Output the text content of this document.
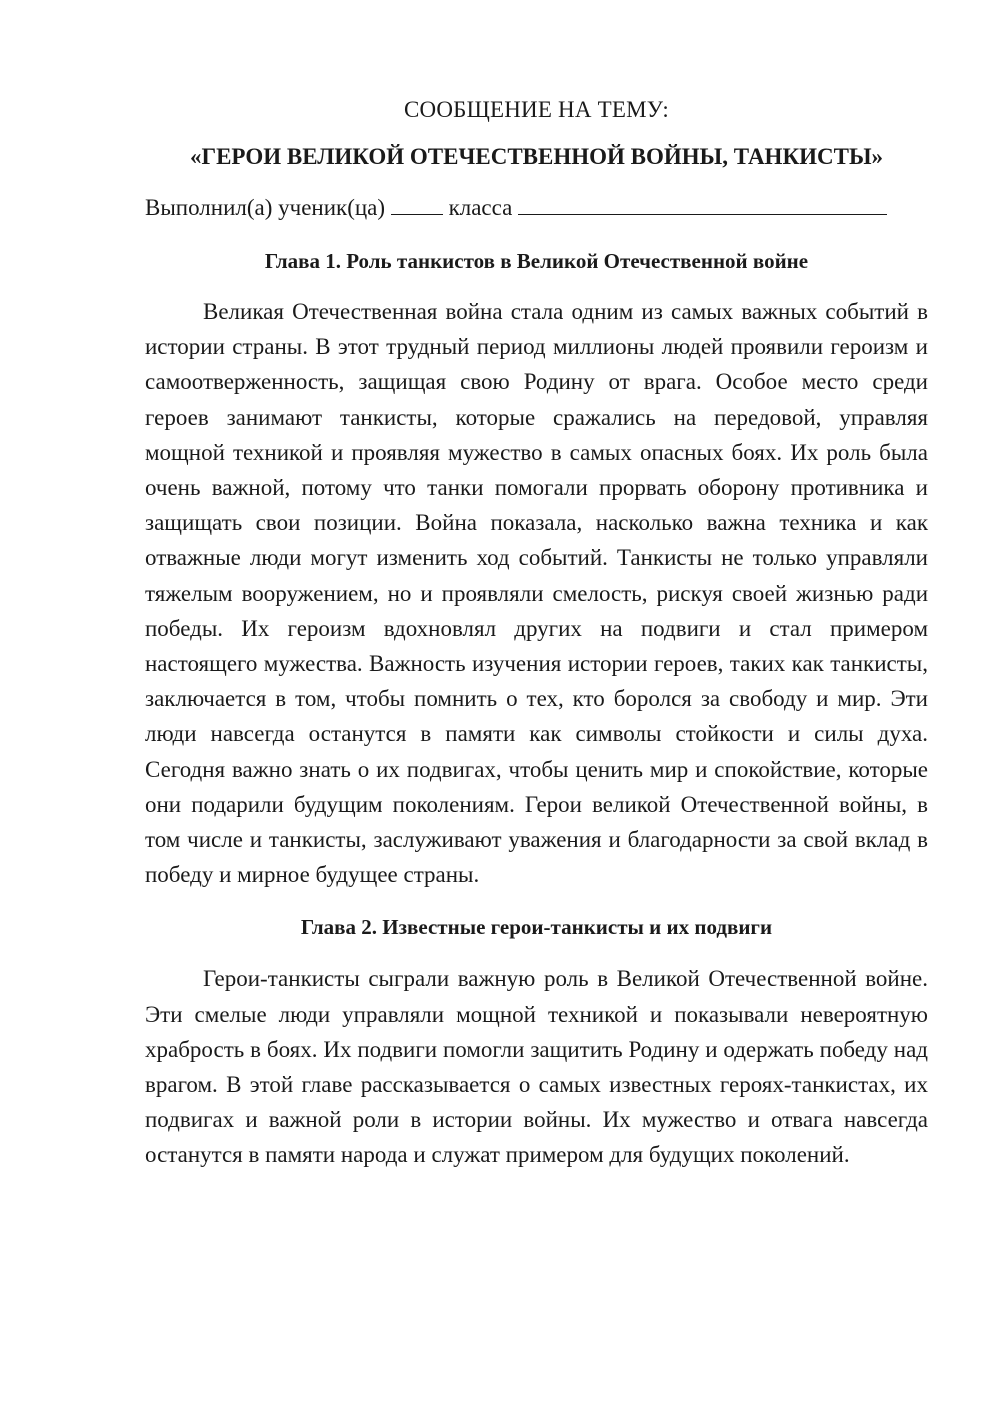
СООБЩЕНИЕ НА ТЕМУ:

«ГЕРОИ ВЕЛИКОЙ ОТЕЧЕСТВЕННОЙ ВОЙНЫ, ТАНКИСТЫ»

Выполнил(а) ученик(ца)	класса

Глава 1. Роль танкистов в Великой Отечественной войне

Великая Отечественная война стала одним из самых важных событий в истории страны. В этот трудный период миллионы людей проявили героизм и самоотверженность, защищая свою Родину от врага. Особое место среди героев занимают танкисты, которые сражались на передовой, управляя мощной техникой и проявляя мужество в самых опасных боях. Их роль была очень важной, потому что танки помогали прорвать оборону противника и защищать свои позиции. Война показала, насколько важна техника и как отважные люди могут изменить ход событий. Танкисты не только управляли тяжелым вооружением, но и проявляли смелость, рискуя своей жизнью ради победы. Их героизм вдохновлял других на подвиги и стал примером настоящего мужества. Важность изучения истории героев, таких как танкисты, заключается в том, чтобы помнить о тех, кто боролся за свободу и мир. Эти люди навсегда останутся в памяти как символы стойкости и силы духа. Сегодня важно знать о их подвигах, чтобы ценить мир и спокойствие, которые они подарили будущим поколениям. Герои великой Отечественной войны, в том числе и танкисты, заслуживают уважения и благодарности за свой вклад в победу и мирное будущее страны.

Глава 2. Известные герои-танкисты и их подвиги

Герои-танкисты сыграли важную роль в Великой Отечественной войне. Эти смелые люди управляли мощной техникой и показывали невероятную храбрость в боях. Их подвиги помогли защитить Родину и одержать победу над врагом. В этой главе рассказывается о самых известных героях-танкистах, их подвигах и важной роли в истории войны. Их мужество и отвага навсегда останутся в памяти народа и служат примером для будущих поколений.
